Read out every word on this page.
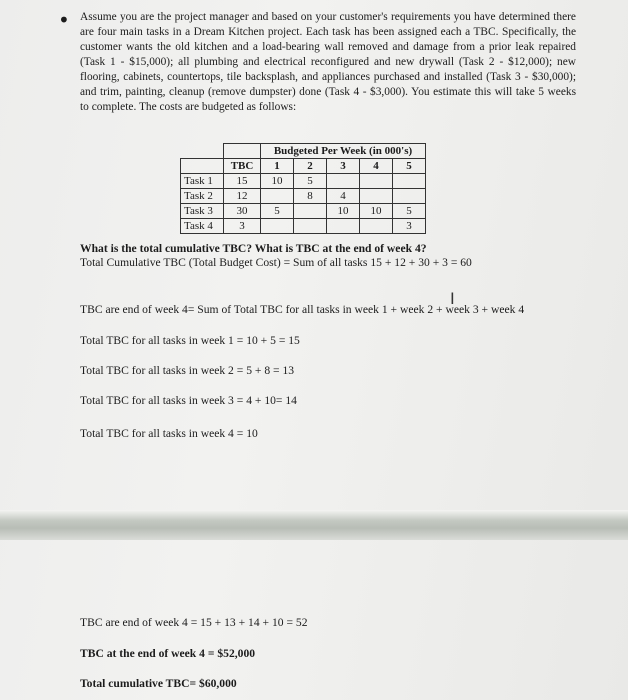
• Assume you are the project manager and based on your customer's requirements you have determined there are four main tasks in a Dream Kitchen project. Each task has been assigned each a TBC. Specifically, the customer wants the old kitchen and a load-bearing wall removed and damage from a prior leak repaired (Task 1 - $15,000); all plumbing and electrical reconfigured and new drywall (Task 2 - $12,000); new flooring, cabinets, countertops, tile backsplash, and appliances purchased and installed (Task 3 - $30,000); and trim, painting, cleanup (remove dumpster) done (Task 4 - $3,000). You estimate this will take 5 weeks to complete. The costs are budgeted as follows:
		Budgeted Per Week (in 000's)				
	TBC	1	2	3	4	5
Task 1	15	10	5			
Task 2	12		8	4		
Task 3	30	5		10	10	5
Task 4	3					3
What is the total cumulative TBC? What is TBC at the end of week 4?
Total Cumulative TBC (Total Budget Cost) = Sum of all tasks 15 + 12 + 30 + 3 = 60
I
TBC are end of week 4= Sum of Total TBC for all tasks in week 1 + week 2 + week 3 + week 4
Total TBC for all tasks in week 1 = 10 + 5 = 15
Total TBC for all tasks in week 2 = 5 + 8 = 13
Total TBC for all tasks in week 3 = 4 + 10= 14
Total TBC for all tasks in week 4 = 10
TBC are end of week 4 = 15 + 13 + 14 + 10 = 52
TBC at the end of week 4 = $52,000
Total cumulative TBC= $60,000
